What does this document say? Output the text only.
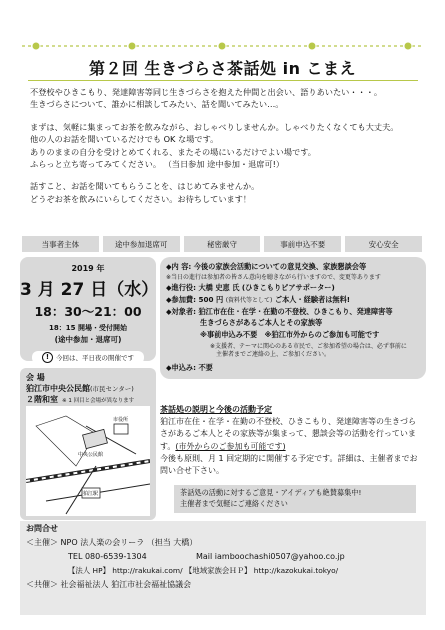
第２回 生きづらさ茶話処 in こまえ

不登校やひきこもり、発達障害等同じ生きづらさを抱えた仲間と出会い、語りあいたい・・・。

生きづらさについて、誰かに相談してみたい、話を聞いてみたい…。

まずは、気軽に集まってお茶を飲みながら、おしゃべりしませんか。しゃべりたくなくても大丈夫。

他の人のお話を聞いているだけでも OK な場です。

ありのままの自分を受けとめてくれる、またその場にいるだけでよい場です。

ふらっと立ち寄ってみてください。 （当日参加 途中参加・退席可!）

話すこと、お話を聞いてもらうことを、はじめてみませんか。

どうぞお茶を飲みにいらしてください。お待ちしています！

当事者主体	途中参加退席可	秘密厳守	事前申込不要	安心安全
2019 年
3 月 27 日（水）
18：30～21：00
18：15 開場・受付開始
(途中参加・退席可)
!	今回は、平日夜の開催です
◆内 容: 今後の家族会活動についての意見交換、家族懇談会等
※当日の進行は参加者の皆さん意向を聴きながら行いますので、変更等あります
◆進行役: 大橋 史恵 氏 (ひきこもりピアサポーター)
◆参加費: 500 円 (資料代等として) ご本人・経験者は無料!
◆対象者: 狛江市在住・在学・在勤の不登校、ひきこもり、発達障害等
生きづらさがあるご本人とその家族等
※事前申込み不要　 ※狛江市外からのご参加も可能です
※支援者、テーマに関心のある市民で、ご参加希望の場合は、必ず事前に
主催者までご連絡の上、ご参加ください。
◆申込み: 不要
会 場
狛江市中央公民館(市民センター)
２階和室 ※ 1 回目と会場が異なります
狛江駅
市役所
中央公民館
茶話処の説明と今後の活動予定
狛江市在住・在学・在勤の不登校、ひきこもり、発達障害等の生きづらさがあるご本人とその家族等が集まって、懇談会等の活動を行っています。(市外からのご参加も可能です)
今後も原則、月 1 回定期的に開催する予定です。詳細は、主催者までお問い合せ下さい。
茶話処の活動に対するご意見・アイディアも絶賛募集中!
主催者まで気軽にご連絡ください
お問合せ
＜主催＞ NPO 法人楽の会リーラ （担当 大橋）
TEL 080-6539-1304	Mail iamboochashi0507@yahoo.co.jp
【法人 HP】 http://rakukai.com/ 【地域家族会ＨＰ】 http://kazokukai.tokyo/
＜共催＞ 社会福祉法人 狛江市社会福祉協議会
